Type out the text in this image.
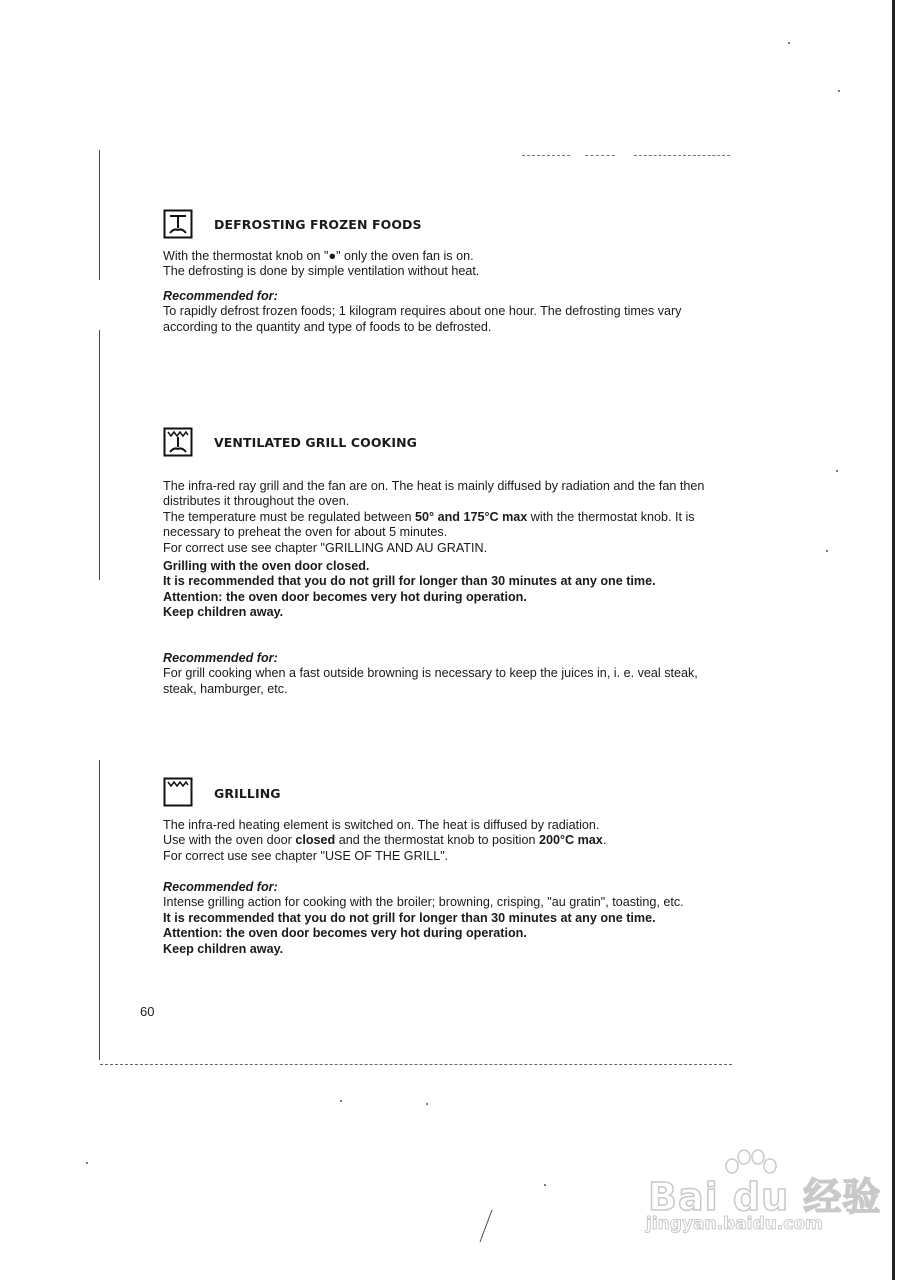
DEFROSTING FROZEN FOODS

With the thermostat knob on "●" only the oven fan is on.

The defrosting is done by simple ventilation without heat.

Recommended for:

To rapidly defrost frozen foods; 1 kilogram requires about one hour. The defrosting times vary according to the quantity and type of foods to be defrosted.

VENTILATED GRILL COOKING

The infra-red ray grill and the fan are on. The heat is mainly diffused by radiation and the fan then distributes it throughout the oven.

The temperature must be regulated between 50° and 175°C max with the thermostat knob. It is necessary to preheat the oven for about 5 minutes.

For correct use see chapter "GRILLING AND AU GRATIN.

Grilling with the oven door closed.

It is recommended that you do not grill for longer than 30 minutes at any one time.

Attention: the oven door becomes very hot during operation.

Keep children away.

Recommended for:

For grill cooking when a fast outside browning is necessary to keep the juices in, i. e. veal steak, steak, hamburger, etc.

GRILLING

The infra-red heating element is switched on. The heat is diffused by radiation.

Use with the oven door closed and the thermostat knob to position 200°C max.

For correct use see chapter "USE OF THE GRILL".

Recommended for:

Intense grilling action for cooking with the broiler; browning, crisping, "au gratin", toasting, etc.

It is recommended that you do not grill for longer than 30 minutes at any one time.

Attention: the oven door becomes very hot during operation.

Keep children away.

60
Bai du 经验
jingyan.baidu.com
